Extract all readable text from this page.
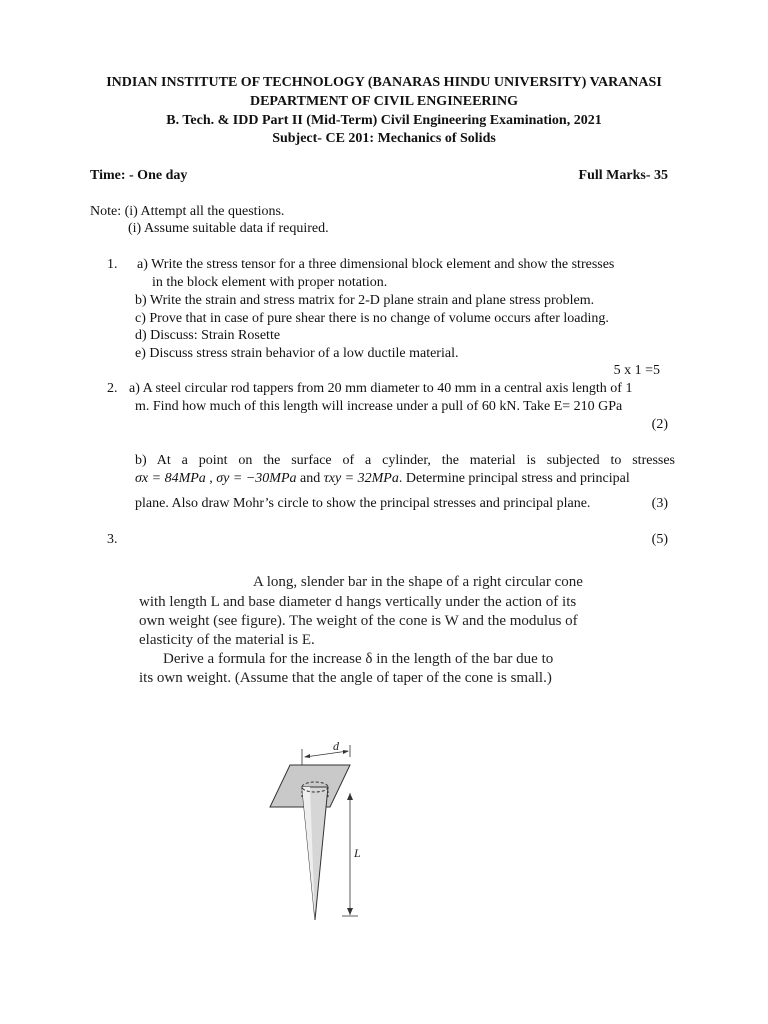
INDIAN INSTITUTE OF TECHNOLOGY (BANARAS HINDU UNIVERSITY) VARANASI
DEPARTMENT OF CIVIL ENGINEERING
B. Tech. & IDD Part II (Mid-Term) Civil Engineering Examination, 2021
Subject- CE 201: Mechanics of Solids
Time: - One day	Full Marks- 35
Note: (i) Attempt all the questions.
(i) Assume suitable data if required.
1. a) Write the stress tensor for a three dimensional block element and show the stresses
in the block element with proper notation.
b) Write the strain and stress matrix for 2-D plane strain and plane stress problem.
c) Prove that in case of pure shear there is no change of volume occurs after loading.
d) Discuss: Strain Rosette
e) Discuss stress strain behavior of a low ductile material.
5 x 1 =5
2. a) A steel circular rod tappers from 20 mm diameter to 40 mm in a central axis length of 1
m. Find how much of this length will increase under a pull of 60 kN. Take E= 210 GPa
(2)
b) At a point on the surface of a cylinder, the material is subjected to stresses
σx = 84MPa , σy = −30MPa and τxy = 32MPa. Determine principal stress and principal
plane. Also draw Mohr’s circle to show the principal stresses and principal plane.	(3)
3.	(5)
A long, slender bar in the shape of a right circular cone
with length L and base diameter d hangs vertically under the action of its
own weight (see figure). The weight of the cone is W and the modulus of
elasticity of the material is E.
Derive a formula for the increase δ in the length of the bar due to
its own weight. (Assume that the angle of taper of the cone is small.)
d
L
